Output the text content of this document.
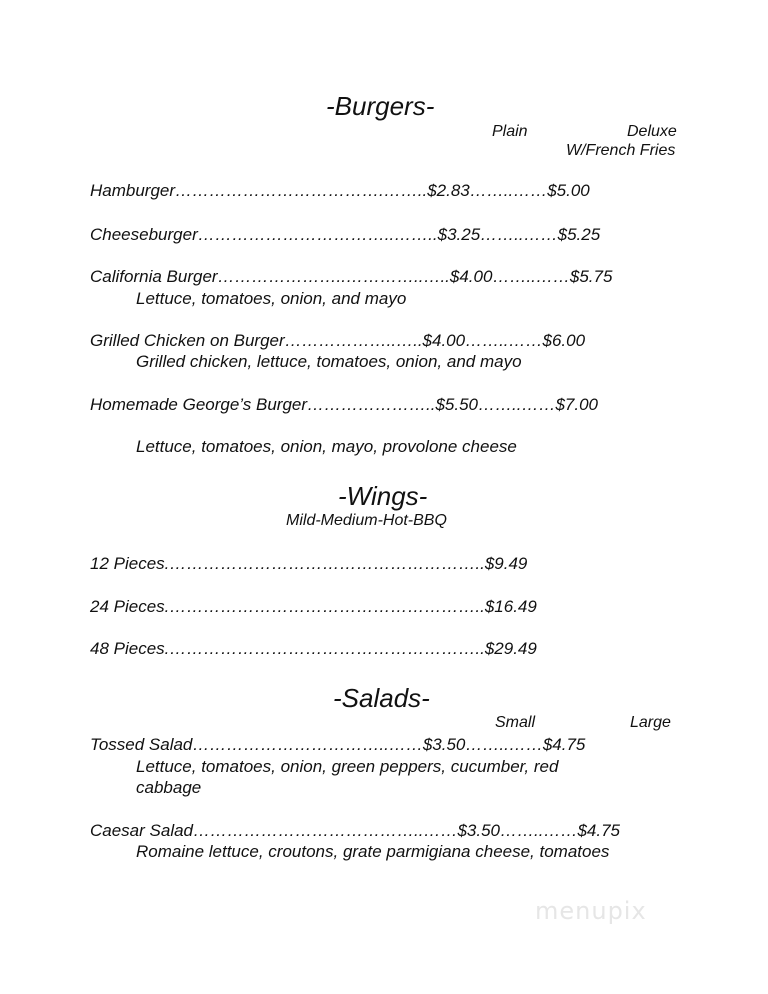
-Burgers-
Plain	Deluxe
W/French Fries
Hamburger……………………………….……..$2.83……..……$5.00
Cheeseburger……………………………..……..$3.25……..……$5.25
California Burger…………………..…………..…..$4.00……..……$5.75
Lettuce, tomatoes, onion, and mayo
Grilled Chicken on Burger………………..…..$4.00……..……$6.00
Grilled chicken, lettuce, tomatoes, onion, and mayo
Homemade George’s Burger…………………..$5.50……..……$7.00
Lettuce, tomatoes, onion, mayo, provolone cheese
-Wings-
Mild-Medium-Hot-BBQ
12 Pieces.………………………………………………..$9.49
24 Pieces.………………………………………………..$16.49
48 Pieces.………………………………………………..$29.49
-Salads-
Small	Large
Tossed Salad……………………………..……$3.50……..……$4.75
Lettuce, tomatoes, onion, green peppers, cucumber, red
cabbage
Caesar Salad…………………………………..……$3.50……..……$4.75
Romaine lettuce, croutons, grate parmigiana cheese, tomatoes
menupix
